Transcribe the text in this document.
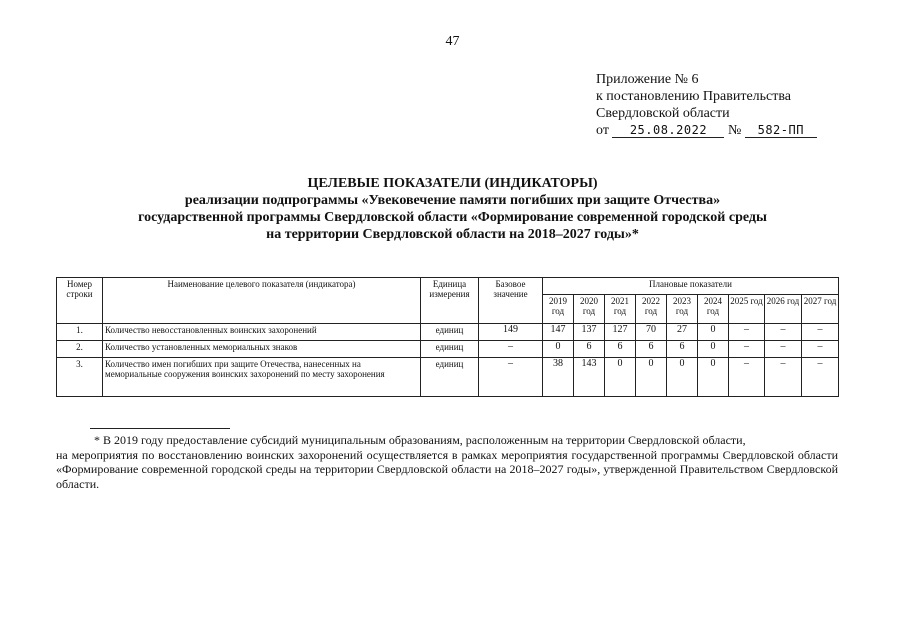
47
Приложение № 6
к постановлению Правительства
Свердловской области
от 25.08.2022 № 582-ПП
ЦЕЛЕВЫЕ ПОКАЗАТЕЛИ (ИНДИКАТОРЫ)
реализации подпрограммы «Увековечение памяти погибших при защите Отчества»
государственной программы Свердловской области «Формирование современной городской среды
на территории Свердловской области на 2018–2027 годы»*
Номер строки	Наименование целевого показателя (индикатора)	Единица измерения	Базовое значение	Плановые показатели								
				2019 год	2020 год	2021 год	2022 год	2023 год	2024 год	2025 год	2026 год	2027 год
1.	Количество невосстановленных воинских захоронений	единиц	149	147	137	127	70	27	0	–	–	–
2.	Количество установленных мемориальных знаков	единиц	–	0	6	6	6	6	0	–	–	–
3.	Количество имен погибших при защите Отечества, нанесенных на мемориальные сооружения воинских захоронений по месту захоронения	единиц	–	38	143	0	0	0	0	–	–	–
* В 2019 году предоставление субсидий муниципальным образованиям, расположенным на территории Свердловской области,
на мероприятия по восстановлению воинских захоронений осуществляется в рамках мероприятия государственной программы Свердловской области «Формирование современной городской среды на территории Свердловской области на 2018–2027 годы», утвержденной Правительством Свердловской области.
